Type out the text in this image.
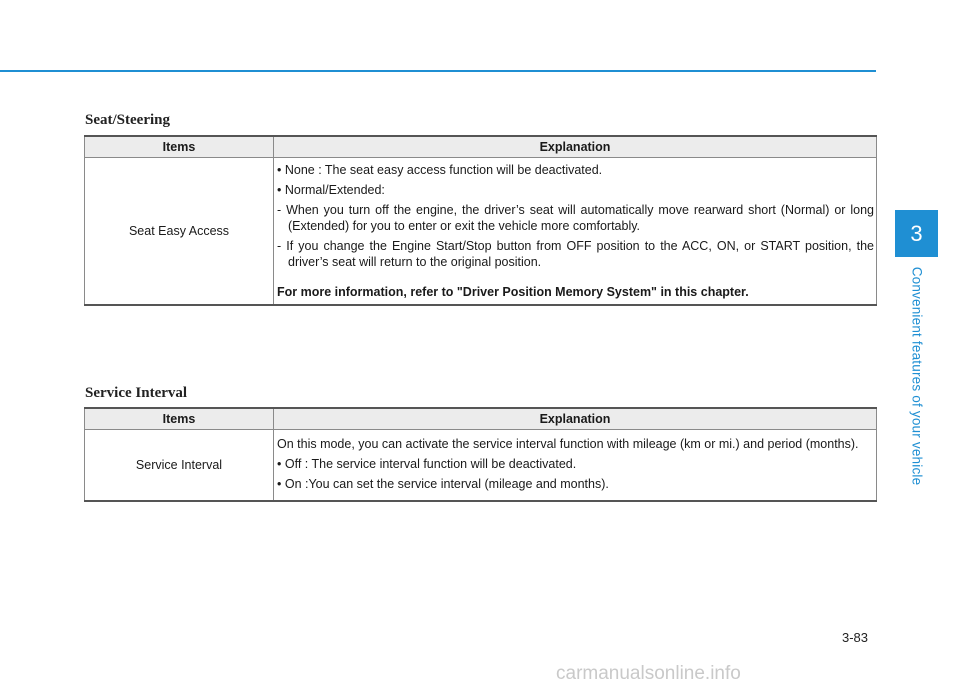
Seat/Steering
Items	Explanation
Seat Easy Access	• None : The seat easy access function will be deactivated.
• Normal/Extended:
- When you turn off the engine, the driver’s seat will automatically move rearward short (Normal) or long (Extended) for you to enter or exit the vehicle more comfortably.
- If you change the Engine Start/Stop button from OFF position to the ACC, ON, or START position, the driver’s seat will return to the original position.
For more information, refer to "Driver Position Memory System" in this chapter.
Service Interval
Items	Explanation
Service Interval	On this mode, you can activate the service interval function with mileage (km or mi.) and period (months).
• Off : The service interval function will be deactivated.
• On :You can set the service interval (mileage and months).
3
Convenient features of your vehicle
3-83
carmanualsonline.info
